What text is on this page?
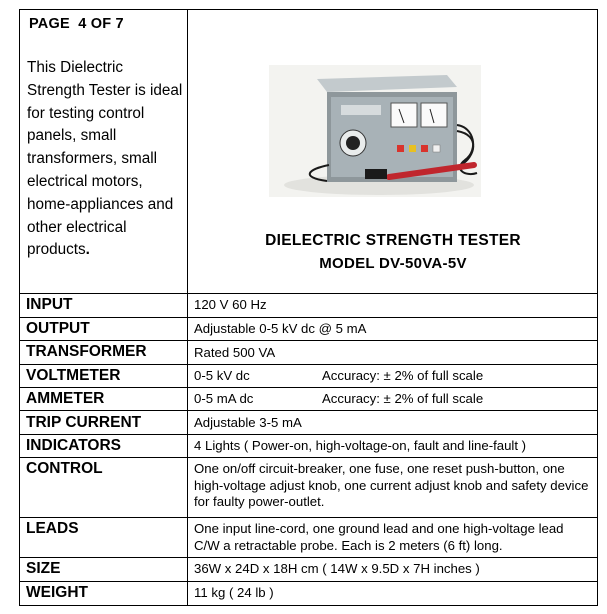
PAGE  4 OF 7
This Dielectric Strength Tester is ideal for testing control panels, small transformers, small electrical motors, home-appliances and other electrical products.
DIELECTRIC STRENGTH TESTER
MODEL DV-50VA-5V
INPUT	120 V 60 Hz
OUTPUT	Adjustable 0-5 kV dc @ 5 mA
TRANSFORMER	Rated 500 VA
VOLTMETER	0-5 kV dc	Accuracy: ± 2% of full scale
AMMETER	0-5 mA dc	Accuracy: ± 2% of full scale
TRIP CURRENT	Adjustable 3-5 mA
INDICATORS	4 Lights ( Power-on, high-voltage-on, fault and line-fault )
CONTROL	One on/off circuit-breaker, one fuse, one reset push-button, one high-voltage adjust knob, one current adjust knob and safety device for faulty power-outlet.
LEADS	One input line-cord, one ground lead and one high-voltage lead C/W a retractable probe. Each is 2 meters (6 ft) long.
SIZE	36W x 24D x 18H cm ( 14W x 9.5D x 7H inches )
WEIGHT	11 kg ( 24 lb )
